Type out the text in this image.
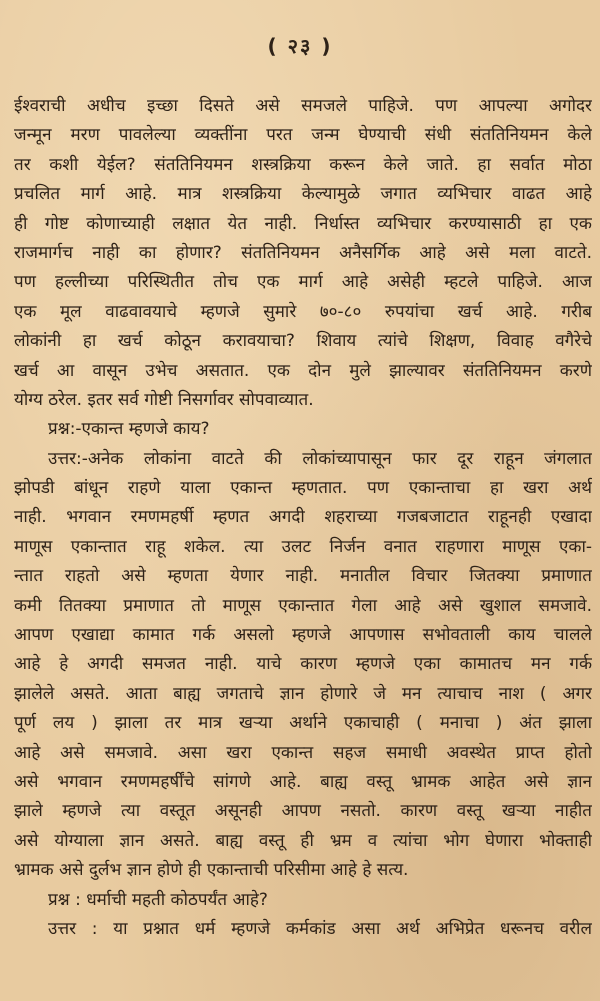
( २३ )
ईश्वराची अधीच इच्छा दिसते असे समजले पाहिजे. पण आपल्या अगोदर
जन्मून मरण पावलेल्या व्यक्तींना परत जन्म घेण्याची संधी संततिनियमन केले
तर कशी येईल? संततिनियमन शस्त्रक्रिया करून केले जाते. हा सर्वात मोठा
प्रचलित मार्ग आहे. मात्र शस्त्रक्रिया केल्यामुळे जगात व्यभिचार वाढत आहे
ही गोष्ट कोणाच्याही लक्षात येत नाही. निर्धास्त व्यभिचार करण्यासाठी हा एक
राजमार्गच नाही का होणार? संततिनियमन अनैसर्गिक आहे असे मला वाटते.
पण हल्लीच्या परिस्थितीत तोच एक मार्ग आहे असेही म्हटले पाहिजे. आज
एक मूल वाढवावयाचे म्हणजे सुमारे ७०-८० रुपयांचा खर्च आहे. गरीब
लोकांनी हा खर्च कोठून करावयाचा? शिवाय त्यांचे शिक्षण, विवाह वगैरेचे
खर्च आ वासून उभेच असतात. एक दोन मुले झाल्यावर संततिनियमन करणे
योग्य ठरेल. इतर सर्व गोष्टी निसर्गावर सोपवाव्यात.
प्रश्न:-एकान्त म्हणजे काय?
उत्तर:-अनेक लोकांना वाटते की लोकांच्यापासून फार दूर राहून जंगलात
झोपडी बांधून राहणे याला एकान्त म्हणतात. पण एकान्ताचा हा खरा अर्थ
नाही. भगवान रमणमहर्षी म्हणत अगदी शहराच्या गजबजाटात राहूनही एखादा
माणूस एकान्तात राहू शकेल. त्या उलट निर्जन वनात राहणारा माणूस एका-
न्तात राहतो असे म्हणता येणार नाही. मनातील विचार जितक्या प्रमाणात
कमी तितक्या प्रमाणात तो माणूस एकान्तात गेला आहे असे खुशाल समजावे.
आपण एखाद्या कामात गर्क असलो म्हणजे आपणास सभोवताली काय चालले
आहे हे अगदी समजत नाही. याचे कारण म्हणजे एका कामातच मन गर्क
झालेले असते. आता बाह्य जगताचे ज्ञान होणारे जे मन त्याचाच नाश ( अगर
पूर्ण लय ) झाला तर मात्र खऱ्या अर्थाने एकाचाही ( मनाचा ) अंत झाला
आहे असे समजावे. असा खरा एकान्त सहज समाधी अवस्थेत प्राप्त होतो
असे भगवान रमणमहर्षींचे सांगणे आहे. बाह्य वस्तू भ्रामक आहेत असे ज्ञान
झाले म्हणजे त्या वस्तूत असूनही आपण नसतो. कारण वस्तू खऱ्या नाहीत
असे योग्याला ज्ञान असते. बाह्य वस्तू ही भ्रम व त्यांचा भोग घेणारा भोक्ताही
भ्रामक असे दुर्लभ ज्ञान होणे ही एकान्ताची परिसीमा आहे हे सत्य.
प्रश्न : धर्माची महती कोठपर्यंत आहे?
उत्तर : या प्रश्नात धर्म म्हणजे कर्मकांड असा अर्थ अभिप्रेत धरूनच वरील
